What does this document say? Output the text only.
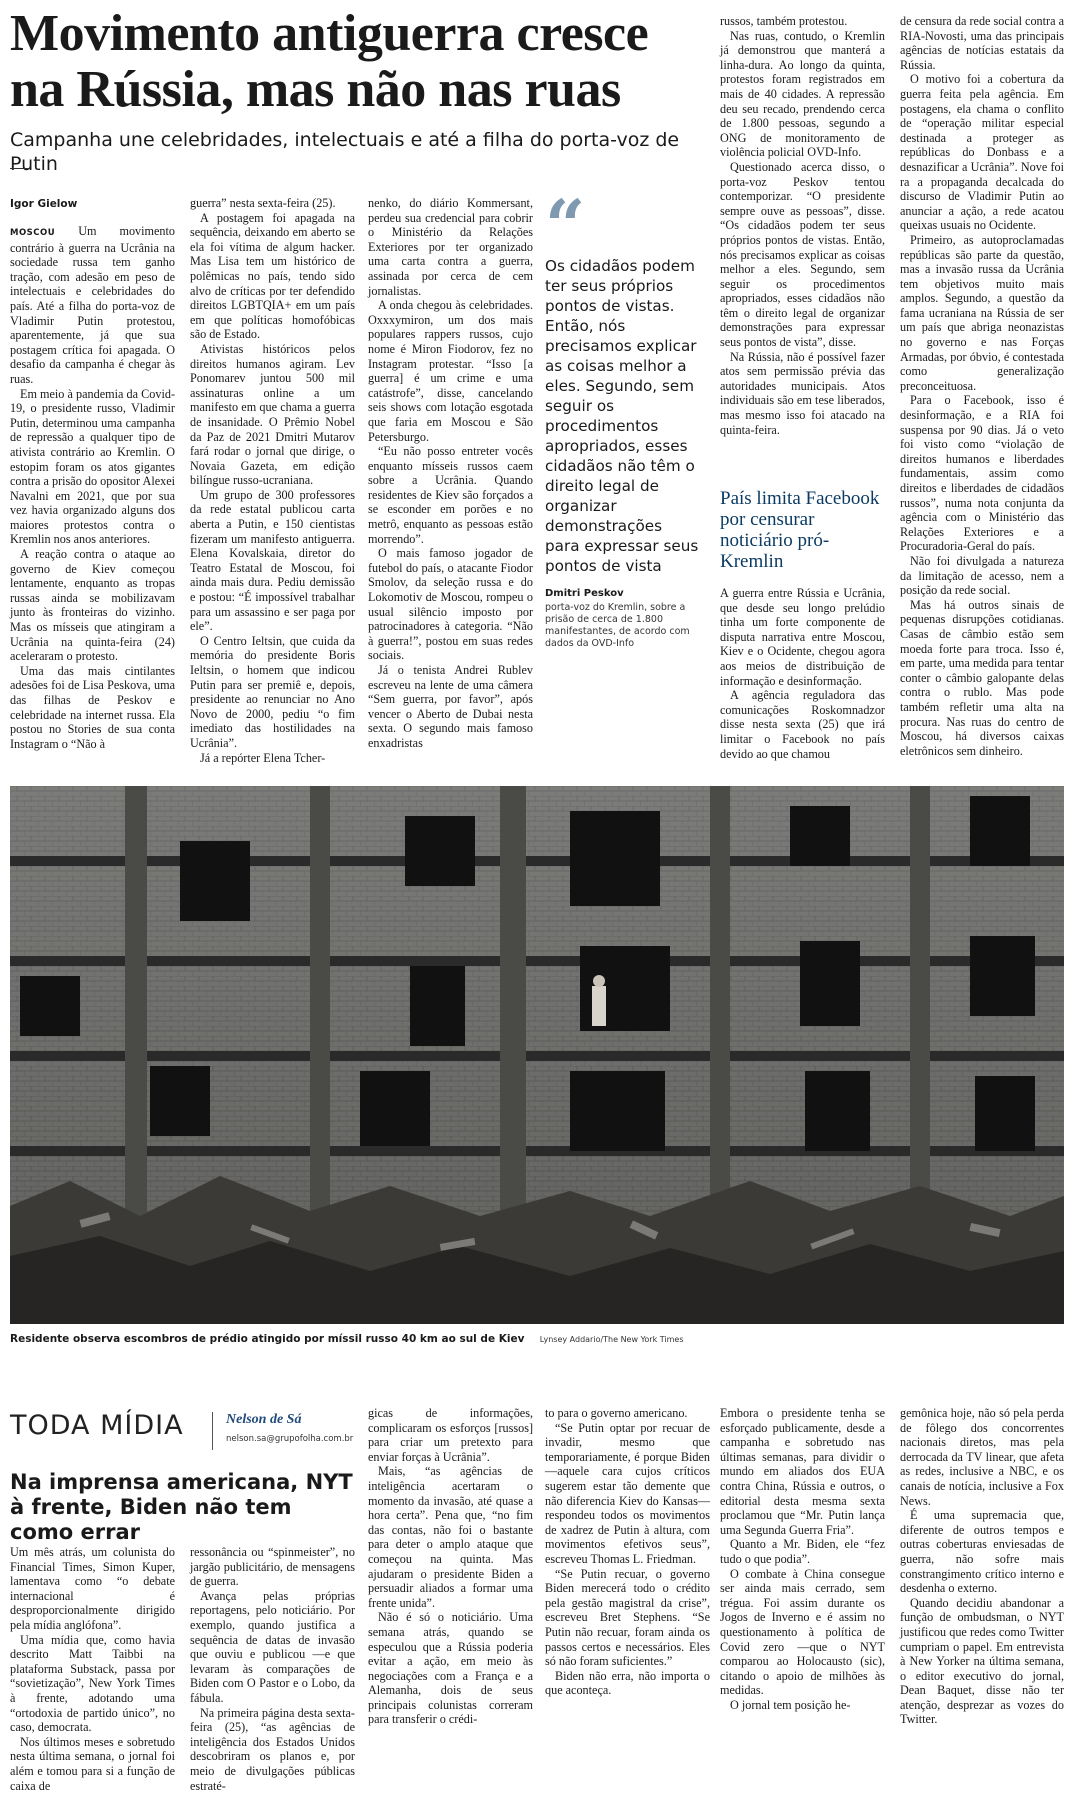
Movimento antiguerra cresce
na Rússia, mas não nas ruas

Campanha une celebridades, intelectuais e até a filha do porta-voz de Putin

Igor Gielow

MOSCOU Um movimento contrário à guerra na Ucrânia na sociedade russa tem ganho tração, com adesão em peso de intelectuais e celebridades do país. Até a filha do porta-voz de Vladimir Putin protestou, aparentemente, já que sua postagem crítica foi apagada. O desafio da campanha é chegar às ruas.

Em meio à pandemia da Covid-19, o presidente russo, Vladimir Putin, determinou uma campanha de repressão a qualquer tipo de ativista contrário ao Kremlin. O estopim foram os atos gigantes contra a prisão do opositor Alexei Navalni em 2021, que por sua vez havia organizado alguns dos maiores protestos contra o Kremlin nos anos anteriores.

A reação contra o ataque ao governo de Kiev começou lentamente, enquanto as tropas russas ainda se mobilizavam junto às fronteiras do vizinho. Mas os mísseis que atingiram a Ucrânia na quinta-feira (24) aceleraram o protesto.

Uma das mais cintilantes adesões foi de Lisa Peskova, uma das filhas de Peskov e celebridade na internet russa. Ela postou no Stories de sua conta Instagram o “Não à

guerra” nesta sexta-feira (25).

A postagem foi apagada na sequência, deixando em aberto se ela foi vítima de algum hacker. Mas Lisa tem um histórico de polêmicas no país, tendo sido alvo de críticas por ter defendido direitos LGBTQIA+ em um país em que políticas homofóbicas são de Estado.

Ativistas históricos pelos direitos humanos agiram. Lev Ponomarev juntou 500 mil assinaturas online a um manifesto em que chama a guerra de insanidade. O Prêmio Nobel da Paz de 2021 Dmitri Mutarov fará rodar o jornal que dirige, o Novaia Gazeta, em edição bilíngue russo-ucraniana.

Um grupo de 300 professores da rede estatal publicou carta aberta a Putin, e 150 cientistas fizeram um manifesto antiguerra. Elena Kovalskaia, diretor do Teatro Estatal de Moscou, foi ainda mais dura. Pediu demissão e postou: “É impossível trabalhar para um assassino e ser paga por ele”.

O Centro Ieltsin, que cuida da memória do presidente Boris Ieltsin, o homem que indicou Putin para ser premiê e, depois, presidente ao renunciar no Ano Novo de 2000, pediu “o fim imediato das hostilidades na Ucrânia”.

Já a repórter Elena Tcher-

nenko, do diário Kommersant, perdeu sua credencial para cobrir o Ministério da Relações Exteriores por ter organizado uma carta contra a guerra, assinada por cerca de cem jornalistas.

A onda chegou às celebridades. Oxxxymiron, um dos mais populares rappers russos, cujo nome é Miron Fiodorov, fez no Instagram protestar. “Isso [a guerra] é um crime e uma catástrofe”, disse, cancelando seis shows com lotação esgotada que faria em Moscou e São Petersburgo.

“Eu não posso entreter vocês enquanto mísseis russos caem sobre a Ucrânia. Quando residentes de Kiev são forçados a se esconder em porões e no metrô, enquanto as pessoas estão morrendo”.

O mais famoso jogador de futebol do país, o atacante Fiodor Smolov, da seleção russa e do Lokomotiv de Moscou, rompeu o usual silêncio imposto por patrocinadores à categoria. “Não à guerra!”, postou em suas redes sociais.

Já o tenista Andrei Rublev escreveu na lente de uma câmera “Sem guerra, por favor”, após vencer o Aberto de Dubai nesta sexta. O segundo mais famoso enxadristas

“
Os cidadãos podem ter seus próprios pontos de vistas. Então, nós precisamos explicar as coisas melhor a eles. Segundo, sem seguir os procedimentos apropriados, esses cidadãos não têm o direito legal de organizar demonstrações para expressar seus pontos de vista
Dmitri Peskov
porta-voz do Kremlin, sobre a prisão de cerca de 1.800 manifestantes, de acordo com dados da OVD-Info

russos, também protestou.

Nas ruas, contudo, o Kremlin já demonstrou que manterá a linha-dura. Ao longo da quinta, protestos foram registrados em mais de 40 cidades. A repressão deu seu recado, prendendo cerca de 1.800 pessoas, segundo a ONG de monitoramento de violência policial OVD-Info.

Questionado acerca disso, o porta-voz Peskov tentou contemporizar. “O presidente sempre ouve as pessoas”, disse. “Os cidadãos podem ter seus próprios pontos de vistas. Então, nós precisamos explicar as coisas melhor a eles. Segundo, sem seguir os procedimentos apropriados, esses cidadãos não têm o direito legal de organizar demonstrações para expressar seus pontos de vista”, disse.

Na Rússia, não é possível fazer atos sem permissão prévia das autoridades municipais. Atos individuais são em tese liberados, mas mesmo isso foi atacado na quinta-feira.

País limita Facebook por censurar noticiário pró-Kremlin

A guerra entre Rússia e Ucrânia, que desde seu longo prelúdio tinha um forte componente de disputa narrativa entre Moscou, Kiev e o Ocidente, chegou agora aos meios de distribuição de informação e desinformação.

A agência reguladora das comunicações Roskomnadzor disse nesta sexta (25) que irá limitar o Facebook no país devido ao que chamou

de censura da rede social contra a RIA-Novosti, uma das principais agências de notícias estatais da Rússia.

O motivo foi a cobertura da guerra feita pela agência. Em postagens, ela chama o conflito de “operação militar especial destinada a proteger as repúblicas do Donbass e a desnazificar a Ucrânia”. Nove foi ra a propaganda decalcada do discurso de Vladimir Putin ao anunciar a ação, a rede acatou queixas usuais no Ocidente.

Primeiro, as autoproclamadas repúblicas são parte da questão, mas a invasão russa da Ucrânia tem objetivos muito mais amplos. Segundo, a questão da fama ucraniana na Rússia de ser um país que abriga neonazistas no governo e nas Forças Armadas, por óbvio, é contestada como generalização preconceituosa.

Para o Facebook, isso é desinformação, e a RIA foi suspensa por 90 dias. Já o veto foi visto como “violação de direitos humanos e liberdades fundamentais, assim como direitos e liberdades de cidadãos russos”, numa nota conjunta da agência com o Ministério das Relações Exteriores e a Procuradoria-Geral do país.

Não foi divulgada a natureza da limitação de acesso, nem a posição da rede social.

Mas há outros sinais de pequenas disrupções cotidianas. Casas de câmbio estão sem moeda forte para troca. Isso é, em parte, uma medida para tentar conter o câmbio galopante delas contra o rublo. Mas pode também refletir uma alta na procura. Nas ruas do centro de Moscou, há diversos caixas eletrônicos sem dinheiro.

Residente observa escombros de prédio atingido por míssil russo 40 km ao sul de Kiev Lynsey Addario/The New York Times
TODA MÍDIA	Nelson de Sá
nelson.sa@grupofolha.com.br
Na imprensa americana, NYT à frente, Biden não tem como errar

Um mês atrás, um colunista do Financial Times, Simon Kuper, lamentava como “o debate internacional é desproporcionalmente dirigido pela mídia anglófona”.

Uma mídia que, como havia descrito Matt Taibbi na plataforma Substack, passa por “sovietização”, New York Times à frente, adotando uma “ortodoxia de partido único”, no caso, democrata.

Nos últimos meses e sobretudo nesta última semana, o jornal foi além e tomou para si a função de caixa de

ressonância ou “spinmeister”, no jargão publicitário, de mensagens de guerra.

Avança pelas próprias reportagens, pelo noticiário. Por exemplo, quando justifica a sequência de datas de invasão que ouviu e publicou —e que levaram às comparações de Biden com O Pastor e o Lobo, da fábula.

Na primeira página desta sexta-feira (25), “as agências de inteligência dos Estados Unidos descobriram os planos e, por meio de divulgações públicas estraté-

gicas de informações, complicaram os esforços [russos] para criar um pretexto para enviar forças à Ucrânia”.

Mais, “as agências de inteligência acertaram o momento da invasão, até quase a hora certa”. Pena que, “no fim das contas, não foi o bastante para deter o amplo ataque que começou na quinta. Mas ajudaram o presidente Biden a persuadir aliados a formar uma frente unida”.

Não é só o noticiário. Uma semana atrás, quando se especulou que a Rússia poderia evitar a ação, em meio às negociações com a França e a Alemanha, dois de seus principais colunistas correram para transferir o crédi-

to para o governo americano.

“Se Putin optar por recuar de invadir, mesmo que temporariamente, é porque Biden —aquele cara cujos críticos sugerem estar tão demente que não diferencia Kiev do Kansas— respondeu todos os movimentos de xadrez de Putin à altura, com movimentos efetivos seus”, escreveu Thomas L. Friedman.

“Se Putin recuar, o governo Biden merecerá todo o crédito pela gestão magistral da crise”, escreveu Bret Stephens. “Se Putin não recuar, foram ainda os passos certos e necessários. Eles só não foram suficientes.”

Biden não erra, não importa o que aconteça.

Embora o presidente tenha se esforçado publicamente, desde a campanha e sobretudo nas últimas semanas, para dividir o mundo em aliados dos EUA contra China, Rússia e outros, o editorial desta mesma sexta proclamou que “Mr. Putin lança uma Segunda Guerra Fria”.

Quanto a Mr. Biden, ele “fez tudo o que podia”.

O combate à China consegue ser ainda mais cerrado, sem trégua. Foi assim durante os Jogos de Inverno e é assim no questionamento à política de Covid zero —que o NYT comparou ao Holocausto (sic), citando o apoio de milhões às medidas.

O jornal tem posição he-

gemônica hoje, não só pela perda de fôlego dos concorrentes nacionais diretos, mas pela derrocada da TV linear, que afeta as redes, inclusive a NBC, e os canais de notícia, inclusive a Fox News.

É uma supremacia que, diferente de outros tempos e outras coberturas enviesadas de guerra, não sofre mais constrangimento crítico interno e desdenha o externo.

Quando decidiu abandonar a função de ombudsman, o NYT justificou que redes como Twitter cumpriam o papel. Em entrevista à New Yorker na última semana, o editor executivo do jornal, Dean Baquet, disse não ter atenção, desprezar as vozes do Twitter.
